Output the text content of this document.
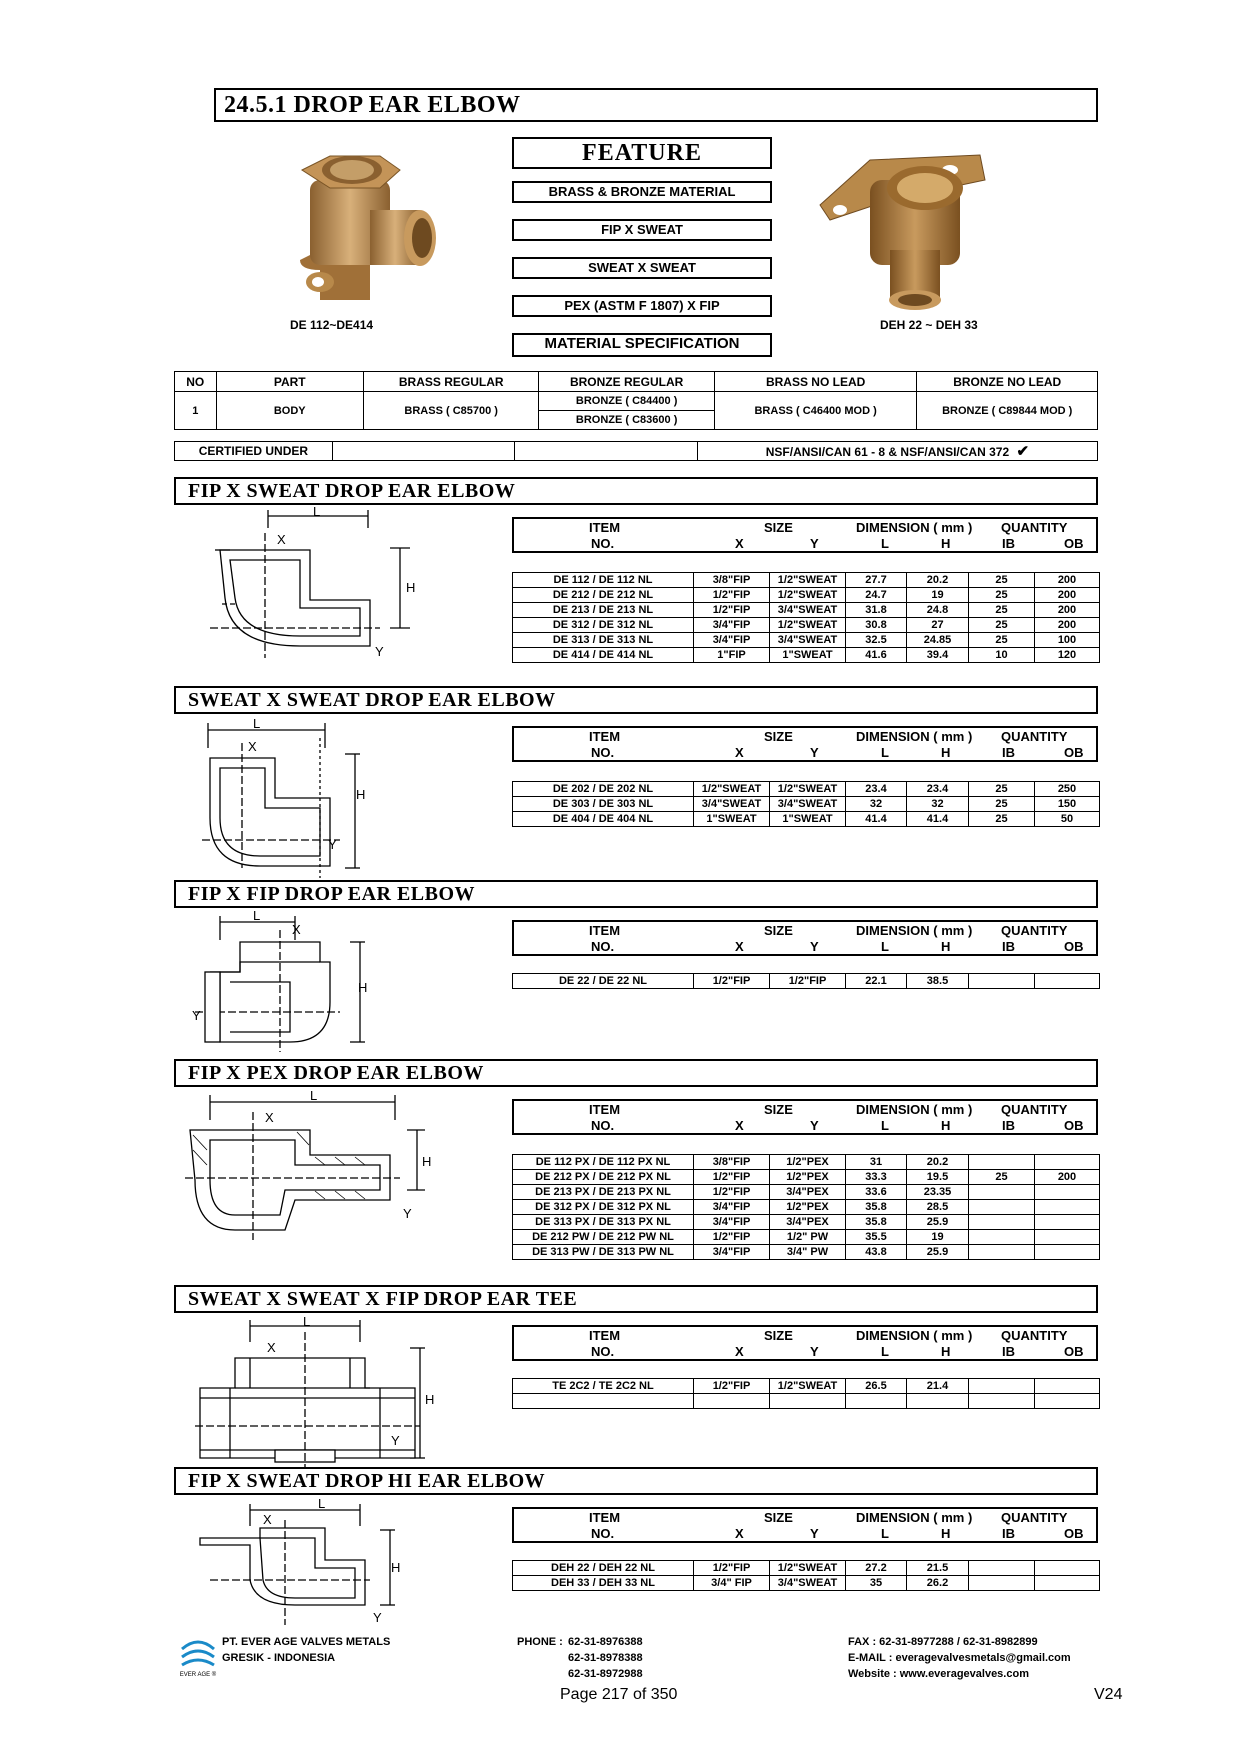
24.5.1 DROP EAR ELBOW
DE 112~DE414	DEH 22 ~ DEH 33
FEATURE
BRASS & BRONZE MATERIAL
FIP X SWEAT
SWEAT X SWEAT
PEX (ASTM F 1807) X FIP
MATERIAL SPECIFICATION
NO	PART	BRASS REGULAR	BRONZE REGULAR	BRASS NO LEAD	BRONZE NO LEAD
1	BODY	BRASS ( C85700 )	BRONZE ( C84400 )	BRASS ( C46400 MOD )	BRONZE ( C89844 MOD )
			BRONZE ( C83600 )		
CERTIFIED UNDER			NSF/ANSI/CAN 61 - 8 & NSF/ANSI/CAN 372 ✔
FIP X SWEAT DROP EAR ELBOW
ITEM
NO.
SIZE
X	Y
DIMENSION ( mm )
L	H
QUANTITY
IB	OB
DE 112 / DE 112 NL	3/8"FIP	1/2"SWEAT	27.7	20.2	25	200
DE 212 / DE 212 NL	1/2"FIP	1/2"SWEAT	24.7	19	25	200
DE 213 / DE 213 NL	1/2"FIP	3/4"SWEAT	31.8	24.8	25	200
DE 312 / DE 312 NL	3/4"FIP	1/2"SWEAT	30.8	27	25	200
DE 313 / DE 313 NL	3/4"FIP	3/4"SWEAT	32.5	24.85	25	100
DE 414 / DE 414 NL	1"FIP	1"SWEAT	41.6	39.4	10	120
L
X
H
Y
SWEAT X SWEAT DROP EAR ELBOW
ITEM
NO.
SIZE
X	Y
DIMENSION ( mm )
L	H
QUANTITY
IB	OB
DE 202 / DE 202 NL	1/2"SWEAT	1/2"SWEAT	23.4	23.4	25	250
DE 303 / DE 303 NL	3/4"SWEAT	3/4"SWEAT	32	32	25	150
DE 404 / DE 404 NL	1"SWEAT	1"SWEAT	41.4	41.4	25	50
L
X
H
Y
FIP X FIP DROP EAR ELBOW
ITEM
NO.
SIZE
X	Y
DIMENSION ( mm )
L	H
QUANTITY
IB	OB
DE 22 / DE 22 NL	1/2"FIP	1/2"FIP	22.1	38.5		
L
X
H
Y
FIP X PEX DROP EAR ELBOW
ITEM
NO.
SIZE
X	Y
DIMENSION ( mm )
L	H
QUANTITY
IB	OB
DE 112 PX / DE 112 PX NL	3/8"FIP	1/2"PEX	31	20.2		
DE 212 PX / DE 212 PX NL	1/2"FIP	1/2"PEX	33.3	19.5	25	200
DE 213 PX / DE 213 PX NL	1/2"FIP	3/4"PEX	33.6	23.35		
DE 312 PX / DE 312 PX NL	3/4"FIP	1/2"PEX	35.8	28.5		
DE 313 PX / DE 313 PX NL	3/4"FIP	3/4"PEX	35.8	25.9		
DE 212 PW / DE 212 PW NL	1/2"FIP	1/2" PW	35.5	19		
DE 313 PW / DE 313 PW NL	3/4"FIP	3/4" PW	43.8	25.9		
L
X
H
Y
SWEAT X SWEAT X FIP DROP EAR TEE
ITEM
NO.
SIZE
X	Y
DIMENSION ( mm )
L	H
QUANTITY
IB	OB
TE 2C2 / TE 2C2 NL	1/2"FIP	1/2"SWEAT	26.5	21.4		

L
X
H
Y
FIP X SWEAT DROP HI EAR ELBOW
ITEM
NO.
SIZE
X	Y
DIMENSION ( mm )
L	H
QUANTITY
IB	OB
DEH 22 / DEH 22 NL	1/2"FIP	1/2"SWEAT	27.2	21.5		
DEH 33 / DEH 33 NL	3/4" FIP	3/4"SWEAT	35	26.2		
L
X
H
Y
EVER AGE ®
PT. EVER AGE VALVES METALS
GRESIK - INDONESIA
PHONE : 62-31-8976388
62-31-8978388
62-31-8972988
FAX : 62-31-8977288 / 62-31-8982899
E-MAIL : everagevalvesmetals@gmail.com
Website : www.everagevalves.com
Page 217 of 350	V24
